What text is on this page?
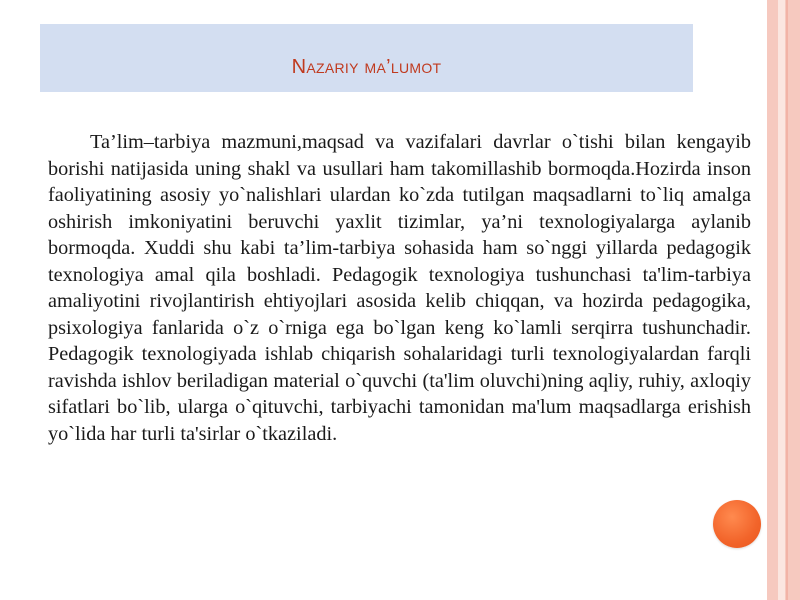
Nazariy ma’lumot

Ta’lim–tarbiya mazmuni,maqsad va vazifalari davrlar o`tishi bilan kengayib borishi natijasida uning shakl va usullari ham takomillashib bormoqda.Hozirda inson faoliyatining asosiy yo`nalishlari ulardan ko`zda tutilgan maqsadlarni to`liq amalga oshirish imkoniyatini beruvchi yaxlit tizimlar, ya’ni texnologiyalarga aylanib bormoqda. Xuddi shu kabi ta’lim-tarbiya sohasida ham so`nggi yillarda pedagogik texnologiya amal qila boshladi. Pedagogik texnologiya tushunchasi ta'lim-tarbiya amaliyotini rivojlantirish ehtiyojlari asosida kelib chiqqan, va hozirda pedagogika, psixologiya fanlarida o`z o`rniga ega bo`lgan keng ko`lamli serqirra tushunchadir. Pedagogik texnologiyada ishlab chiqarish sohalaridagi turli texnologiyalardan farqli ravishda ishlov beriladigan material o`quvchi (ta'lim oluvchi)ning aqliy, ruhiy, axloqiy sifatlari bo`lib, ularga o`qituvchi, tarbiyachi tamonidan ma'lum maqsadlarga erishish yo`lida har turli ta'sirlar o`tkaziladi.
